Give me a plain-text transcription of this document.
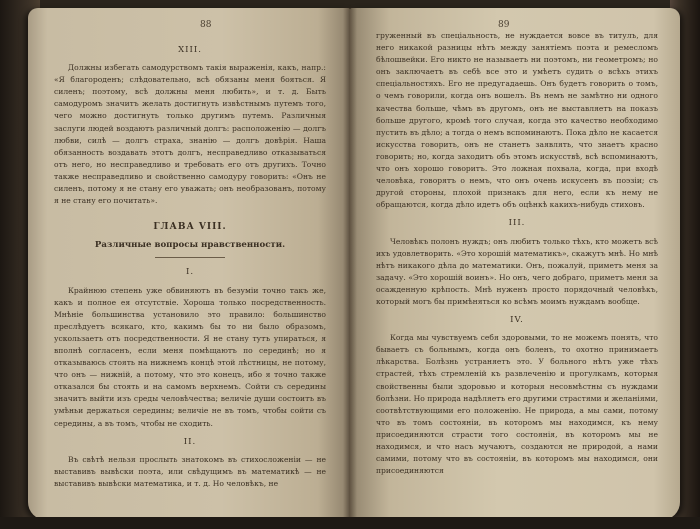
88
XIII.

Должны избегать самодурствомъ такія выраженія, какъ, напр.: «Я благороденъ; слѣдовательно, всѣ обязаны меня бояться. Я силенъ; поэтому, всѣ должны меня любить», и т. д. Быть самодуромъ значитъ желать достигнуть извѣстнымъ путемъ того, чего можно достигнуть только другимъ путемъ. Различныя заслуги людей воздаютъ различный долгъ: расположенію — долгъ любви, силѣ — долгъ страха, знанію — долгъ довѣрія. Наша обязанность воздавать этотъ долгъ, несправедливо отказываться отъ него, но несправедливо и требовать его отъ другихъ. Точно также несправедливо и свойственно самодуру говорить: «Онъ не силенъ, потому я не стану его уважать; онъ необразованъ, потому я не стану его почитать».

ГЛАВА VIII.
Различные вопросы нравственности.
I.

Крайнюю степень уже обвиняютъ въ безуміи точно такъ же, какъ и полное ея отсутствіе. Хороша только посредственность. Мнѣніе большинства установило это правило: большинство преслѣдуетъ всякаго, кто, какимъ бы то ни было образомъ, ускользаетъ отъ посредственности. Я не стану тутъ упираться, я вполнѣ согласенъ, если меня помѣщаютъ по серединѣ; но я отказываюсь стоять на нижнемъ концѣ этой лѣстницы, не потому, что онъ — нижній, а потому, что это конецъ, ибо я точно также отказался бы стоять и на самомъ верхнемъ. Сойти съ середины значитъ выйти изъ среды человѣчества; величіе души состоитъ въ умѣньи держаться середины; величіе не въ томъ, чтобы сойти съ середины, а въ томъ, чтобы не сходить.

II.

Въ свѣтѣ нельзя прослыть знатокомъ въ стихосложеніи — не выставивъ вывѣски поэта, или свѣдущимъ въ математикѣ — не выставивъ вывѣски математика, и т. д. Но человѣкъ, не

89

груженный въ спеціальность, не нуждается вовсе въ титулъ, для него никакой разницы нѣтъ между занятіемъ поэта и ремесломъ бѣлошвейки. Его никто не называетъ ни поэтомъ, ни геометромъ; но онъ заключаетъ въ себѣ все это и умѣетъ судить о всѣхъ этихъ спеціальностяхъ. Его не предугадаешь. Онъ будетъ говорить о томъ, о чемъ говорили, когда онъ вошелъ. Въ немъ не замѣтно ни одного качества больше, чѣмъ въ другомъ, онъ не выставляетъ на показъ больше другого, кромѣ того случая, когда это качество необходимо пустить въ дѣло; а тогда о немъ вспоминаютъ. Пока дѣло не касается искусства говорить, онъ не станетъ заявлять, что знаетъ красно говорить; но, когда заходитъ объ этомъ искусствѣ, всѣ вспоминаютъ, что онъ хорошо говоритъ. Это ложная похвала, когда, при входѣ человѣка, говорятъ о немъ, что онъ очень искусенъ въ поэзіи; съ другой стороны, плохой признакъ для него, если къ нему не обращаются, когда дѣло идетъ объ оцѣнкѣ какихъ-нибудь стиховъ.

III.

Человѣкъ полонъ нуждъ; онъ любитъ только тѣхъ, кто можетъ всѣ ихъ удовлетворить. «Это хорошій математикъ», скажутъ мнѣ. Но мнѣ нѣтъ никакого дѣла до математики. Онъ, пожалуй, приметъ меня за задачу. «Это хорошій воинъ». Но онъ, чего добраго, приметъ меня за осажденную крѣпость. Мнѣ нуженъ просто порядочный человѣкъ, который могъ бы примѣняться ко всѣмъ моимъ нуждамъ вообще.

IV.

Когда мы чувствуемъ себя здоровыми, то не можемъ понять, что бываетъ съ больнымъ, когда онъ боленъ, то охотно принимаетъ лѣкарства. Болѣзнь устраняетъ это. У больного нѣтъ уже тѣхъ страстей, тѣхъ стремленій къ развлеченію и прогулкамъ, которыя свойственны были здоровью и которыя несовмѣстны съ нуждами болѣзни. Но природа надѣляетъ его другими страстями и желаніями, соотвѣтствующими его положенію. Не природа, а мы сами, потому что въ томъ состояніи, въ которомъ мы находимся, къ нему присоединяются страсти того состоянія, въ которомъ мы не находимся, и что насъ мучаютъ, создаются не природой, а нами самими, потому что въ состояніи, въ которомъ мы находимся, они присоединяются
